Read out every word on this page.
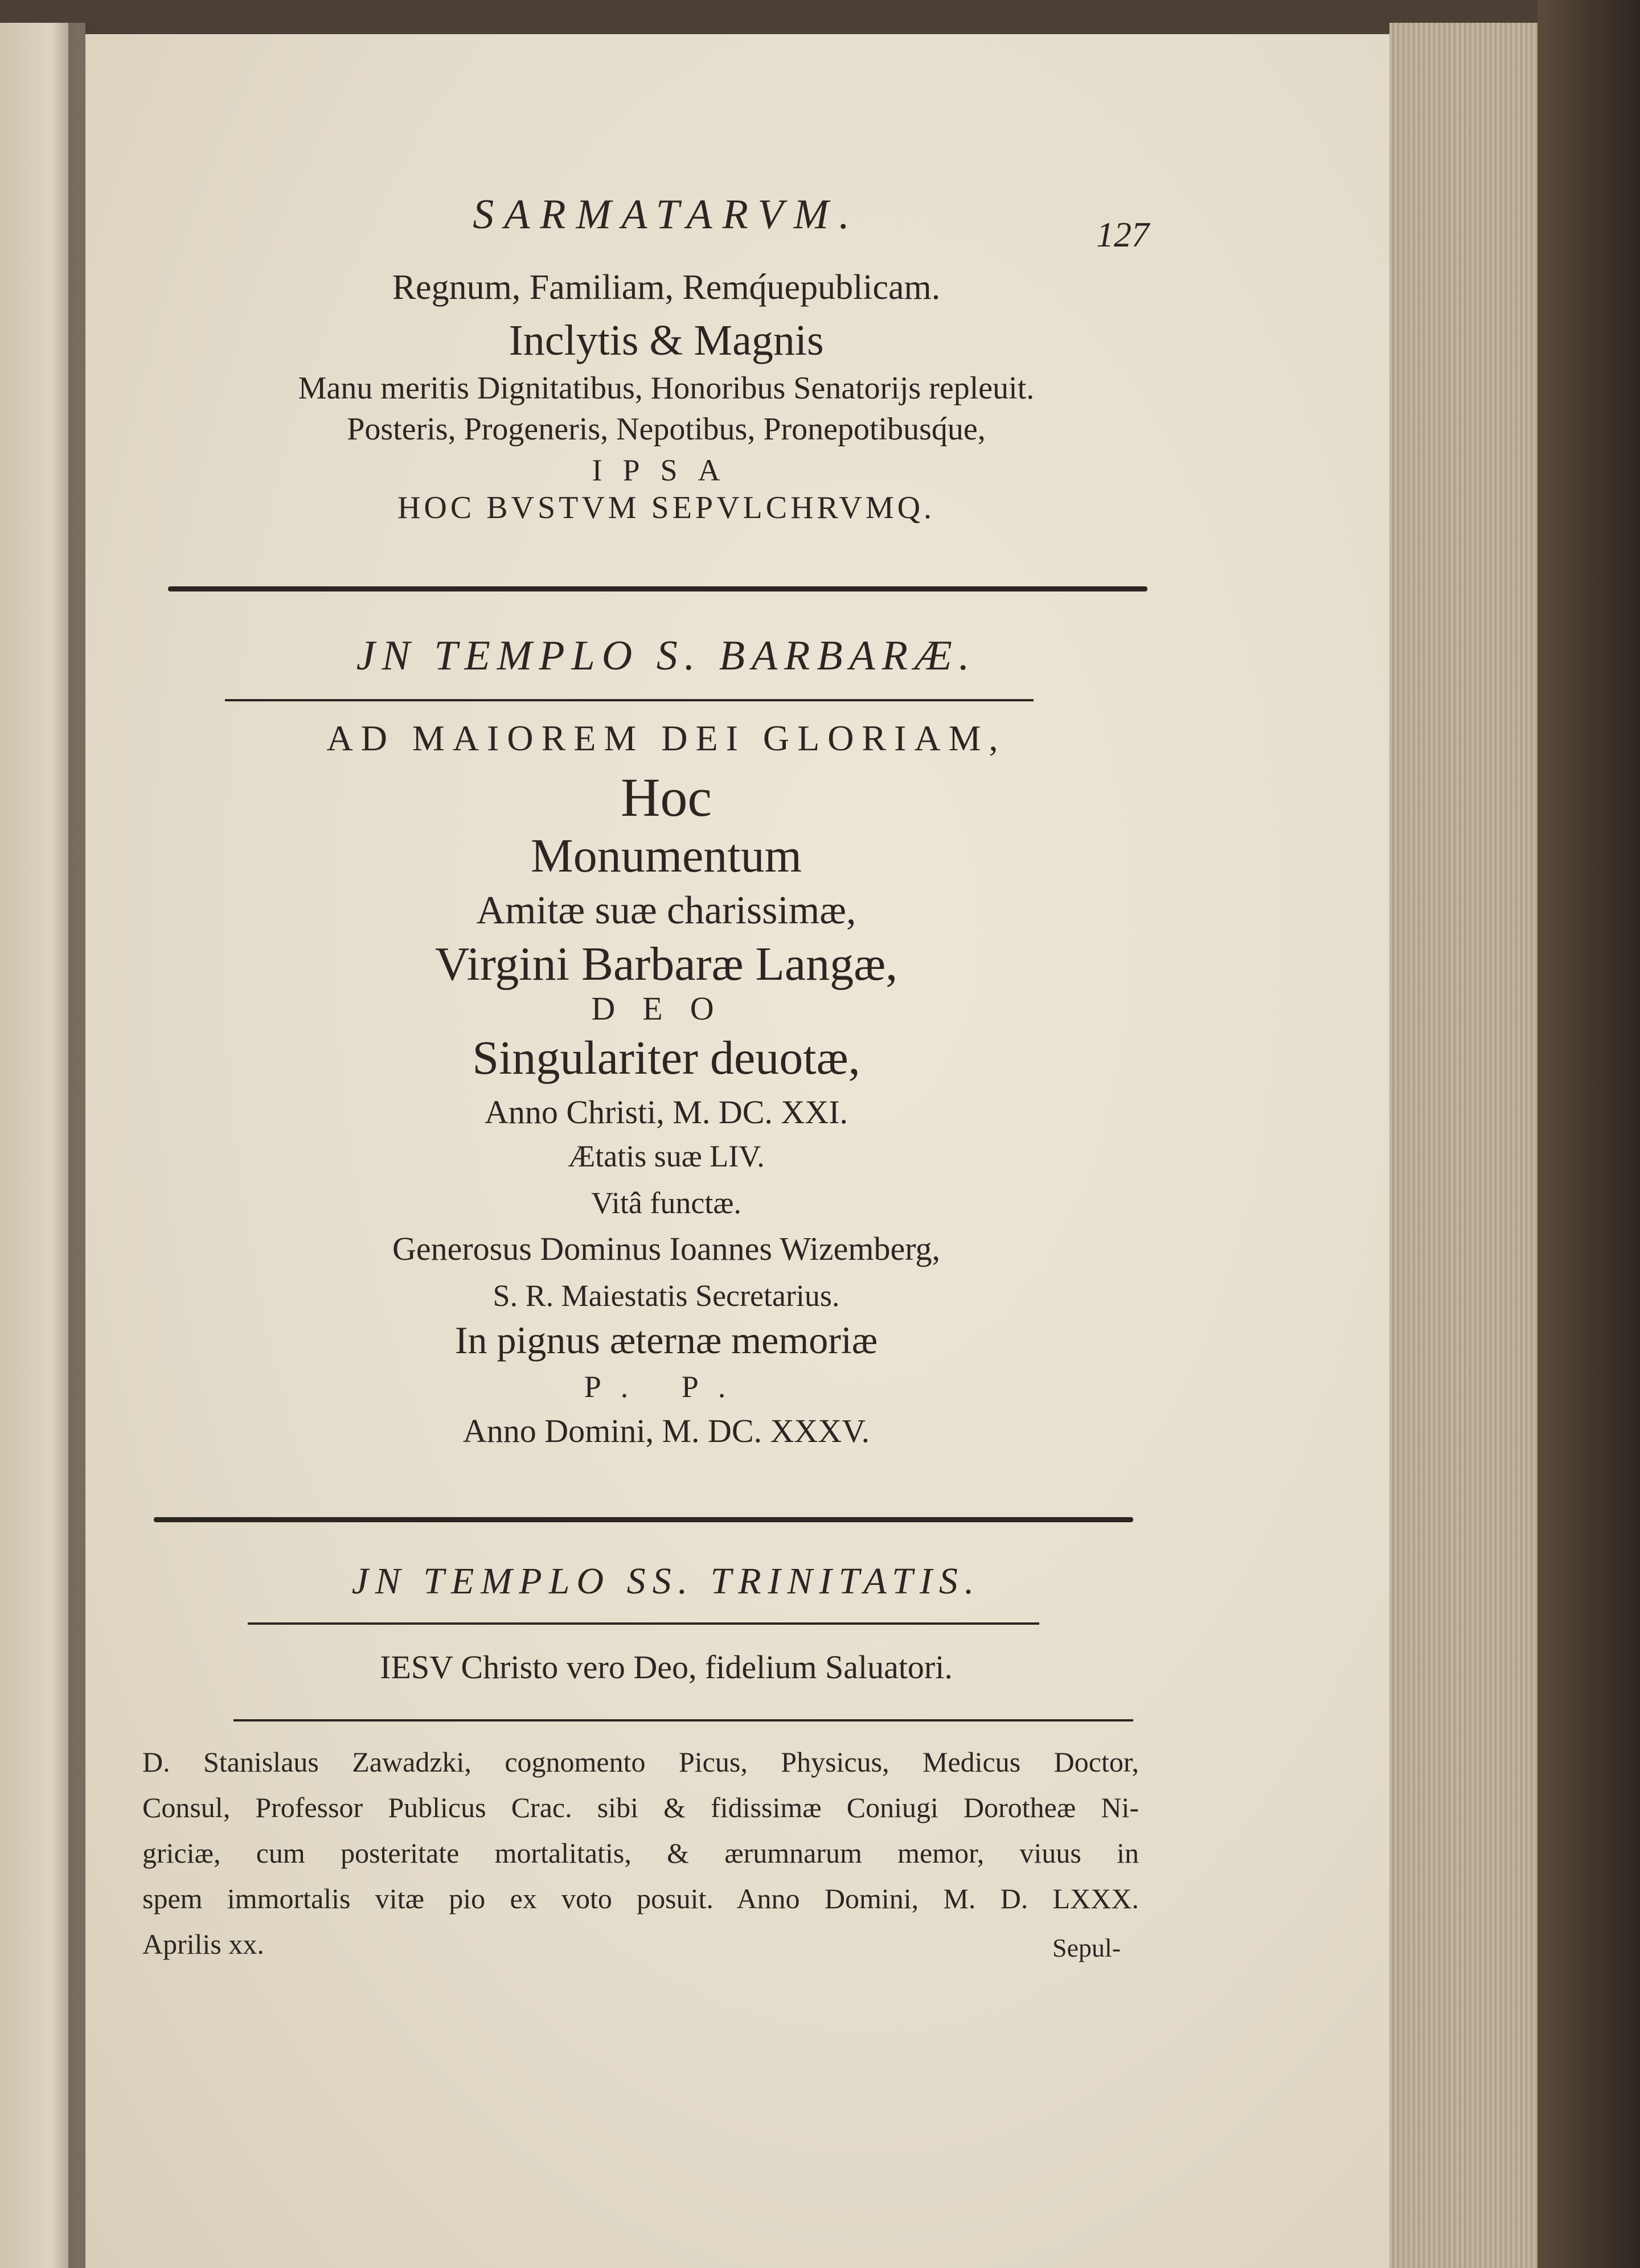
SARMATARVM.	127
Regnum, Familiam, Remq́uepublicam.
Inclytis & Magnis
Manu meritis Dignitatibus, Honoribus Senatorijs repleuit.
Posteris, Progeneris, Nepotibus, Pronepotibusq́ue,
IPSA
HOC BVSTVM SEPVLCHRVMQ.
JN TEMPLO S. BARBARÆ.
AD MAIOREM DEI GLORIAM,
Hoc
Monumentum
Amitæ suæ charissimæ,
Virgini Barbaræ Langæ,
DEO
Singulariter deuotæ,
Anno Christi, M. DC. XXI.
Ætatis suæ LIV.
Vitâ functæ.
Generosus Dominus Ioannes Wizemberg,
S. R. Maiestatis Secretarius.
In pignus æternæ memoriæ
P. P.
Anno Domini, M. DC. XXXV.
JN TEMPLO SS. TRINITATIS.
IESV Christo vero Deo, fidelium Saluatori.
D. Stanislaus Zawadzki, cognomento Picus, Physicus, Medicus Doctor,
Consul, Professor Publicus Crac. sibi & fidissimæ Coniugi Dorotheæ Ni-
griciæ, cum posteritate mortalitatis, & ærumnarum memor, viuus in
spem immortalis vitæ pio ex voto posuit. Anno Domini, M. D. LXXX.
Aprilis xx.	Sepul-
